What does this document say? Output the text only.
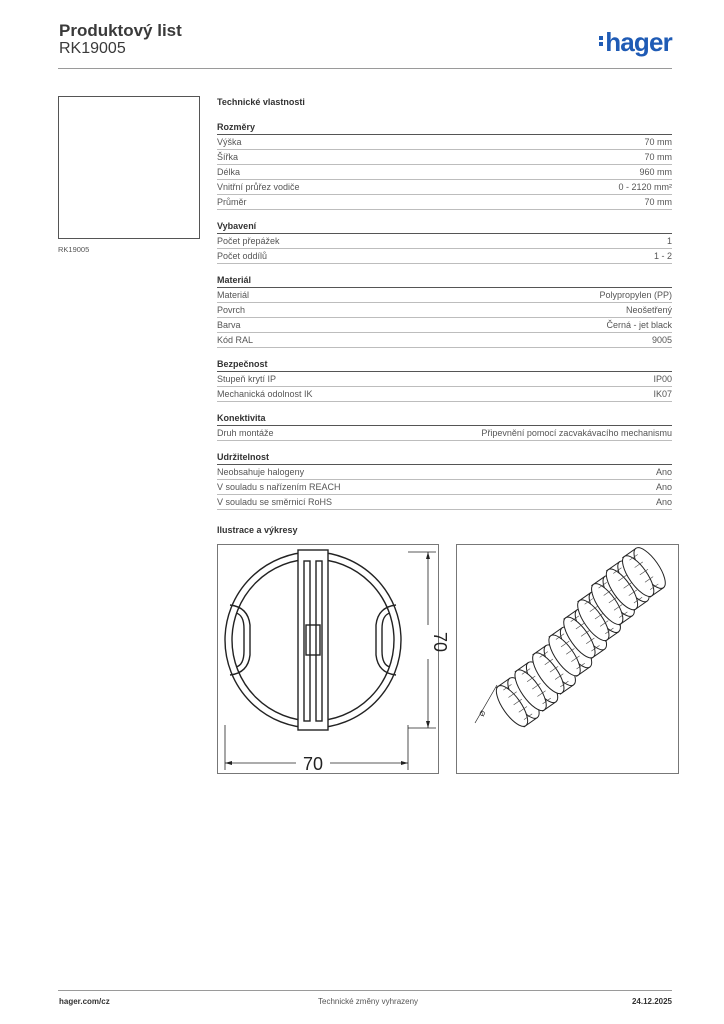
Produktový list
RK19005	hager
RK19005
Technické vlastnosti
Rozměry
Výška	70 mm
Šířka	70 mm
Délka	960 mm
Vnitřní průřez vodiče	0 - 2120 mm²
Průměr	70 mm
Vybavení
Počet přepážek	1
Počet oddílů	1 - 2
Materiál
Materiál	Polypropylen (PP)
Povrch	Neošetřený
Barva	Černá - jet black
Kód RAL	9005
Bezpečnost
Stupeň krytí IP	IP00
Mechanická odolnost IK	IK07
Konektivita
Druh montáže	Připevnění pomocí zacvakávacího mechanismu
Udržitelnost
Neobsahuje halogeny	Ano
V souladu s nařízením REACH	Ano
V souladu se směrnicí RoHS	Ano
Ilustrace a výkresy
70
70
Ø
hager.com/cz	Technické změny vyhrazeny	24.12.2025
